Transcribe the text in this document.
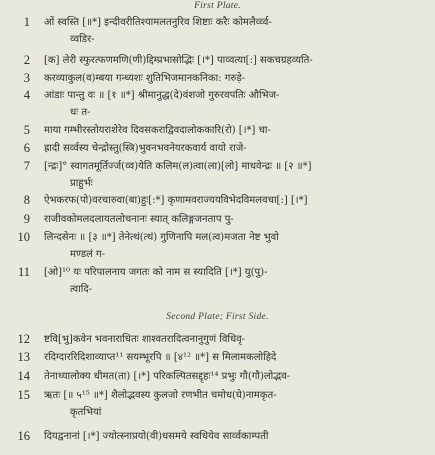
First Plate.
1 ओं स्वस्ति [॥*] इन्दीवरीतिश्यामलतनुरिव शिष्टाः करैः कोमलैर्व्व्व-
व्वडिर-
2 [क] लेरी स्फुरत्फणमणि(णी)द्दिम्प्रभासोद्भिः [।*] पाव्वत्या[:] सकचग्रहव्यति-
3 करव्याकुल(व)म्बया गन्ध्यशः शुतिभिजमानकनिका: गरुड़े-
4 आंडाः पान्तु वः ॥ [१ ॥*] श्रीमानुद्ध(दे)वंशजो गुरुरवपतिः औभिज-
धः त-
5 माया गम्भीरस्तोयराशेरेव दिवसकराद्विवदालोककारि(रो) [।*] चा-
6 ह्रादी सर्व्वस्य चेन्द्रोस्तु(स्त्रि)भुवनभवनेयरकवार्य वायो राजे-
7 [न्द्रः]° स्वागतमूर्तिर्ज्ज(व्व)येति कलिम(ल)त्वा(ला)[लो] माधवेन्द्रः ॥ [२ ॥*]
प्राहुर्भः
8 ऐभकरफ(पो)वरचारुवा(बा)हुः[:*] कृणामवराज्ययविभेदविमलवचा[:] [।*]
9 राजीवकोमलदलायतलोचनानः स्यात् कलिङ्गजनताप पु-
10 लिन्दसेनः ॥ [३ ॥*] तेनेत्थं(त्थं) गुणिनापि मल(त्व)मजता नेष्ट भुवो
मण्डलं ग-
11 [ओ]¹⁰ यः परिपालनाय जगतः को नाम स स्यादिति [।*] यु(पु)-
त्वादि-
Second Plate; First Side.
12 ष्टवि[भु]कवेन भवनाराधितः शाश्वतरादित्वनानुगुणं विधिवृ-
13 रदिग्दाररिदिशाव्याप्त¹¹ सयम्भूरपि ॥ [४¹² ॥*] स मिलामकलोहिदे
14 तेनाथ्यालोक्य धीमत(ता) [।*] परिकल्पितसद्दृहः¹⁴ प्रभुः गौ(गौ)लोद्भव-
15 ऋतः [॥ ५¹⁵ ॥*] शैलोद्भवस्य कुलजो रणभीत चमोध(घे)नामकृत-
कृतभियां
16 दियद्वनानां [।*] ज्योत्स्नाप्रयो(वी)धसमये स्वधियेव सार्व्वकाम्पती
